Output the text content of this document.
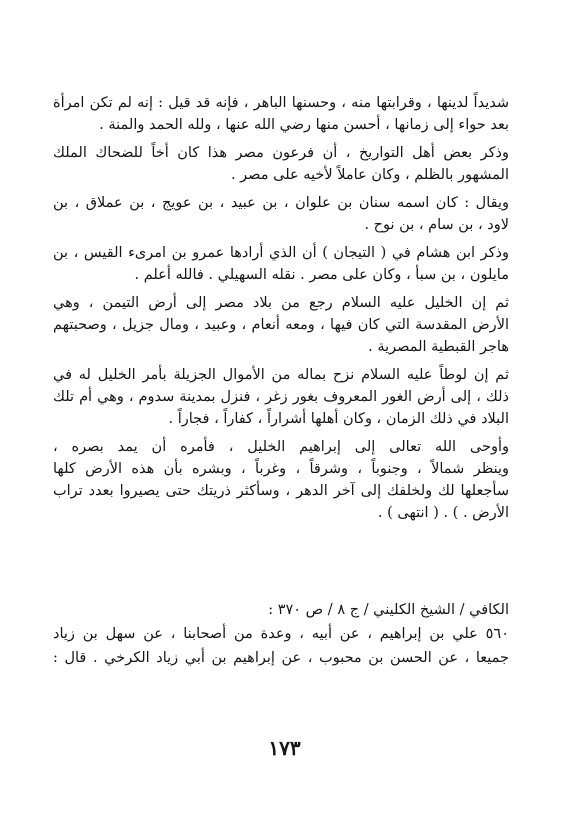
شديداً لدينها ، وقرابتها منه ، وحسنها الباهر ، فإنه قد قيل : إنه لم تكن امرأة
بعد حواء إلى زمانها ، أحسن منها رضي الله عنها ، ولله الحمد والمنة .
وذكر بعض أهل التواريخ ، أن فرعون مصر هذا كان أخاً للضحاك الملك
المشهور بالظلم ، وكان عاملاً لأخيه على مصر .
ويقال : كان اسمه سنان بن علوان ، بن عبيد ، بن عويج ، بن عملاق ، بن
لاود ، بن سام ، بن نوح .
وذكر ابن هشام في ( التيجان ) أن الذي أرادها عمرو بن امرىء القيس ، بن
مايلون ، بن سبأ ، وكان على مصر . نقله السهيلي . فالله أعلم .
ثم إن الخليل عليه السلام رجع من بلاد مصر إلى أرض التيمن ، وهي
الأرض المقدسة التي كان فيها ، ومعه أنعام ، وعبيد ، ومال جزيل ، وصحبتهم
هاجر القبطية المصرية .
ثم إن لوطاً عليه السلام نزح بماله من الأموال الجزيلة بأمر الخليل له في
ذلك ، إلى أرض الغور المعروف بغور زغر ، فنزل بمدينة سدوم ، وهي أم تلك
البلاد في ذلك الزمان ، وكان أهلها أشراراً ، كفاراً ، فجاراً .
وأوحى الله تعالى إلى إبراهيم الخليل ، فأمره أن يمد بصره ،
وينظر شمالاً ، وجنوباً ، وشرقاً ، وغرباً ، وبشره بأن هذه الأرض كلها
سأجعلها لك ولخلفك إلى آخر الدهر ، وسأكثر ذريتك حتى يصيروا بعدد تراب
الأرض . ) . ( انتهى ) .
الكافي / الشيخ الكليني / ج ٨ / ص ٣٧٠ :
٥٦٠ علي بن إبراهيم ، عن أبيه ، وعدة من أصحابنا ، عن سهل بن زياد
جميعا ، عن الحسن بن محبوب ، عن إبراهيم بن أبي زياد الكرخي . قال :
١٧٣
